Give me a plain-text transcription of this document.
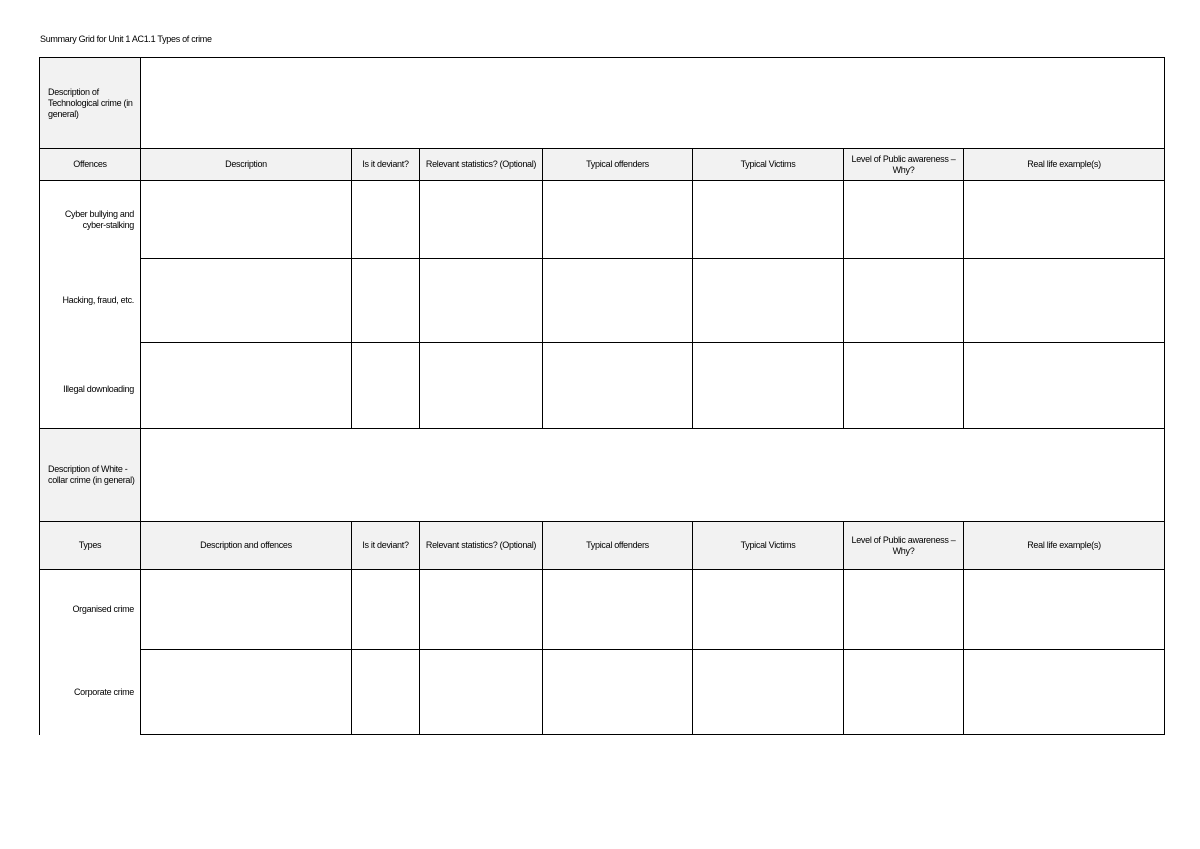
Summary Grid for Unit 1 AC1.1 Types of crime
Description of Technological crime (in general)							
Offences	Description	Is it deviant?	Relevant statistics? (Optional)	Typical offenders	Typical Victims	Level of Public awareness – Why?	Real life example(s)
Cyber bullying and cyber-stalking							
Hacking, fraud, etc.							
Illegal downloading							
Description of White -collar crime (in general)							
Types	Description and offences	Is it deviant?	Relevant statistics? (Optional)	Typical offenders	Typical Victims	Level of Public awareness – Why?	Real life example(s)
Organised crime							
Corporate crime							
